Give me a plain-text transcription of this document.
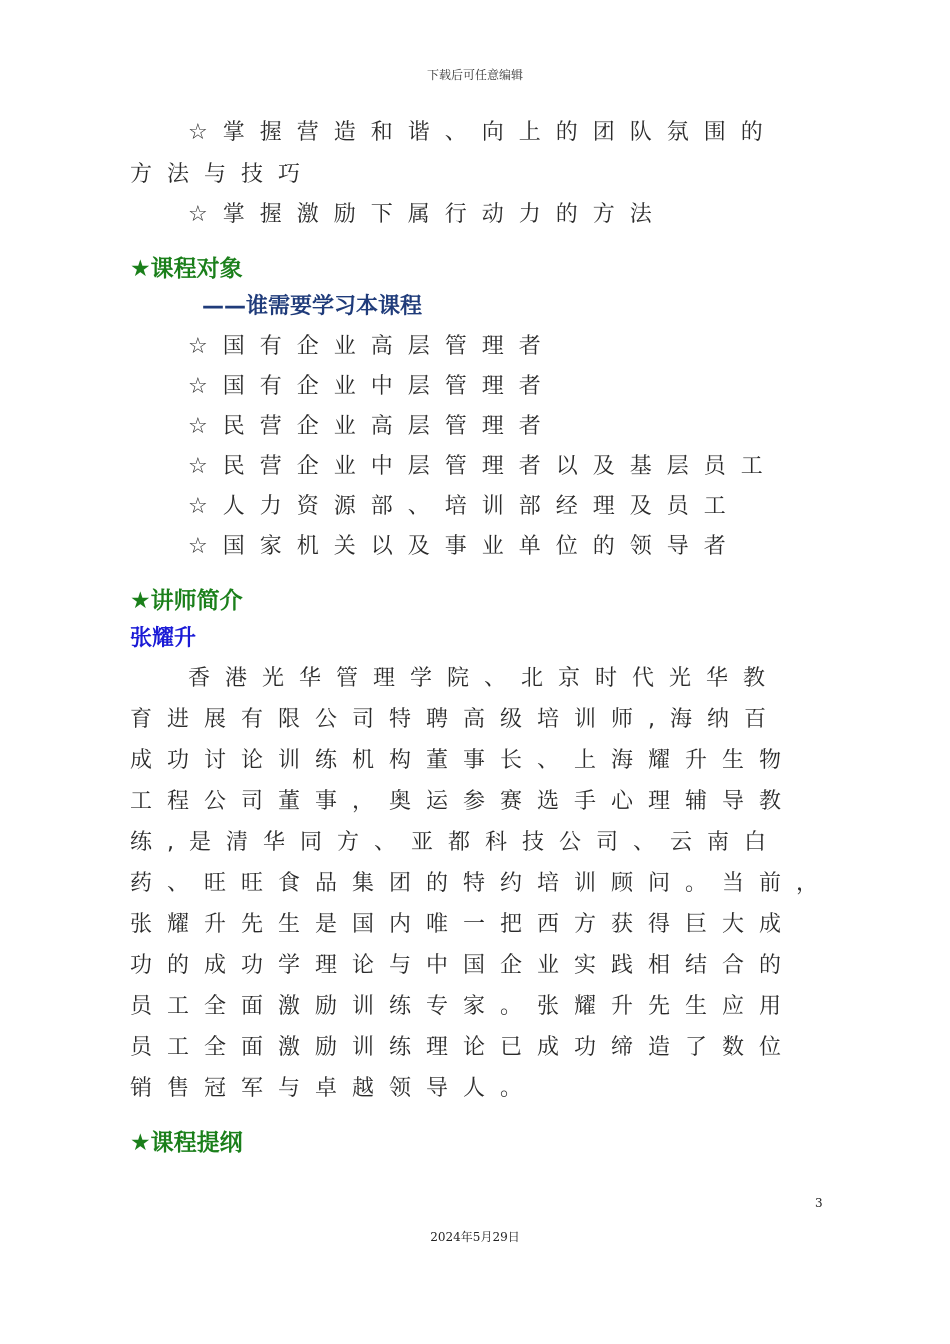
下载后可任意编辑
☆掌握营造和谐、向上的团队氛围的
方法与技巧
☆掌握激励下属行动力的方法
★课程对象
——谁需要学习本课程
☆国有企业高层管理者
☆国有企业中层管理者
☆民营企业高层管理者
☆民营企业中层管理者以及基层员工
☆人力资源部、培训部经理及员工
☆国家机关以及事业单位的领导者
★讲师简介
张耀升
香港光华管理学院、北京时代光华教
育进展有限公司特聘高级培训师,海纳百
成功讨论训练机构董事长、上海耀升生物
工程公司董事，奥运参赛选手心理辅导教
练,是清华同方、亚都科技公司、云南白
药、旺旺食品集团的特约培训顾问。当前，
张耀升先生是国内唯一把西方获得巨大成
功的成功学理论与中国企业实践相结合的
员工全面激励训练专家。张耀升先生应用
员工全面激励训练理论已成功缔造了数位
销售冠军与卓越领导人。
★课程提纲
3
2024年5月29日
